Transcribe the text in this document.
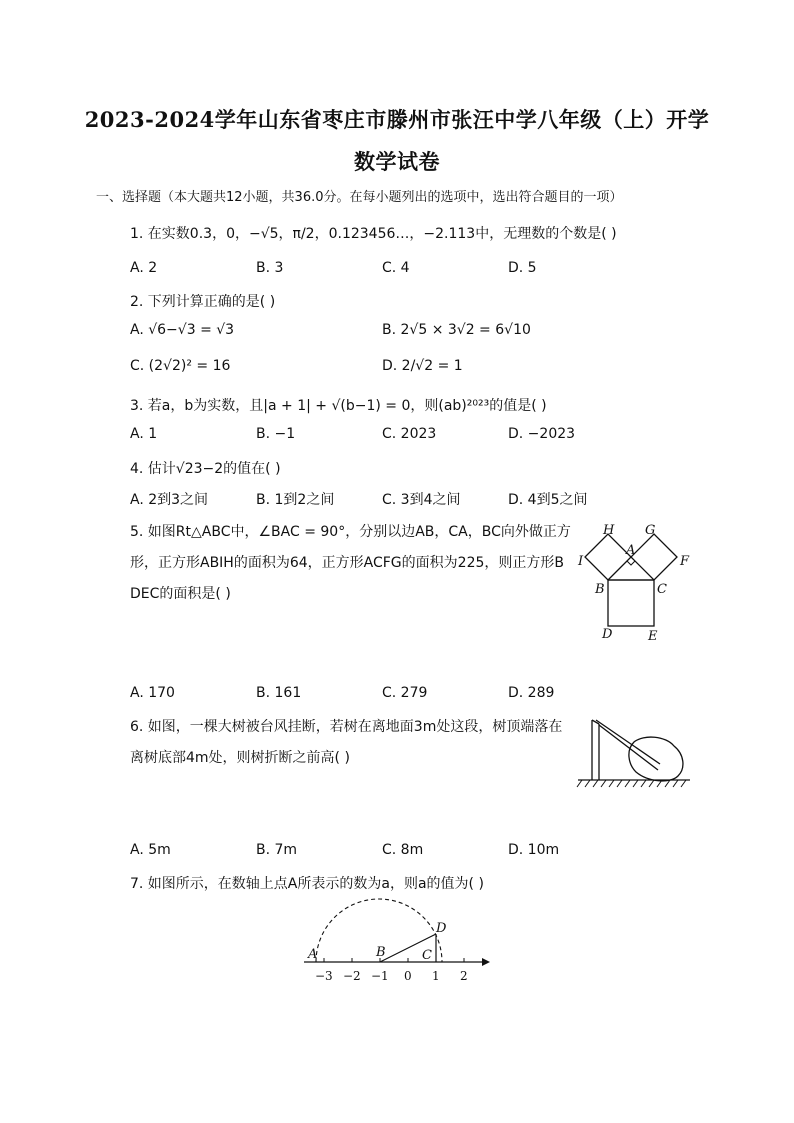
2023-2024学年山东省枣庄市滕州市张汪中学八年级（上）开学
数学试卷
一、选择题（本大题共12小题，共36.0分。在每小题列出的选项中，选出符合题目的一项）
1. 在实数0.3，0，−√5，π/2，0.123456…，−2.113中，无理数的个数是( )
A. 2	B. 3	C. 4	D. 5
2. 下列计算正确的是( )
A. √6−√3 = √3	B. 2√5 × 3√2 = 6√10
C. (2√2)² = 16	D. 2/√2 = 1
3. 若a，b为实数，且|a + 1| + √(b−1) = 0，则(ab)²⁰²³的值是( )
A. 1	B. −1	C. 2023	D. −2023
4. 估计√23−2的值在( )
A. 2到3之间	B. 1到2之间	C. 3到4之间	D. 4到5之间
5. 如图Rt△ABC中，∠BAC = 90°，分别以边AB，CA，BC向外做正方
形，正方形ABIH的面积为64，正方形ACFG的面积为225，则正方形B
DEC的面积是( )
H G
A
I	F
B	C
D	E
A. 170	B. 161	C. 279	D. 289
6. 如图，一棵大树被台风挂断，若树在离地面3m处这段，树顶端落在
离树底部4m处，则树折断之前高( )
A. 5m	B. 7m	C. 8m	D. 10m
7. 如图所示，在数轴上点A所表示的数为a，则a的值为( )
A	B	C
D
−3 −2 −1 0 1 2
